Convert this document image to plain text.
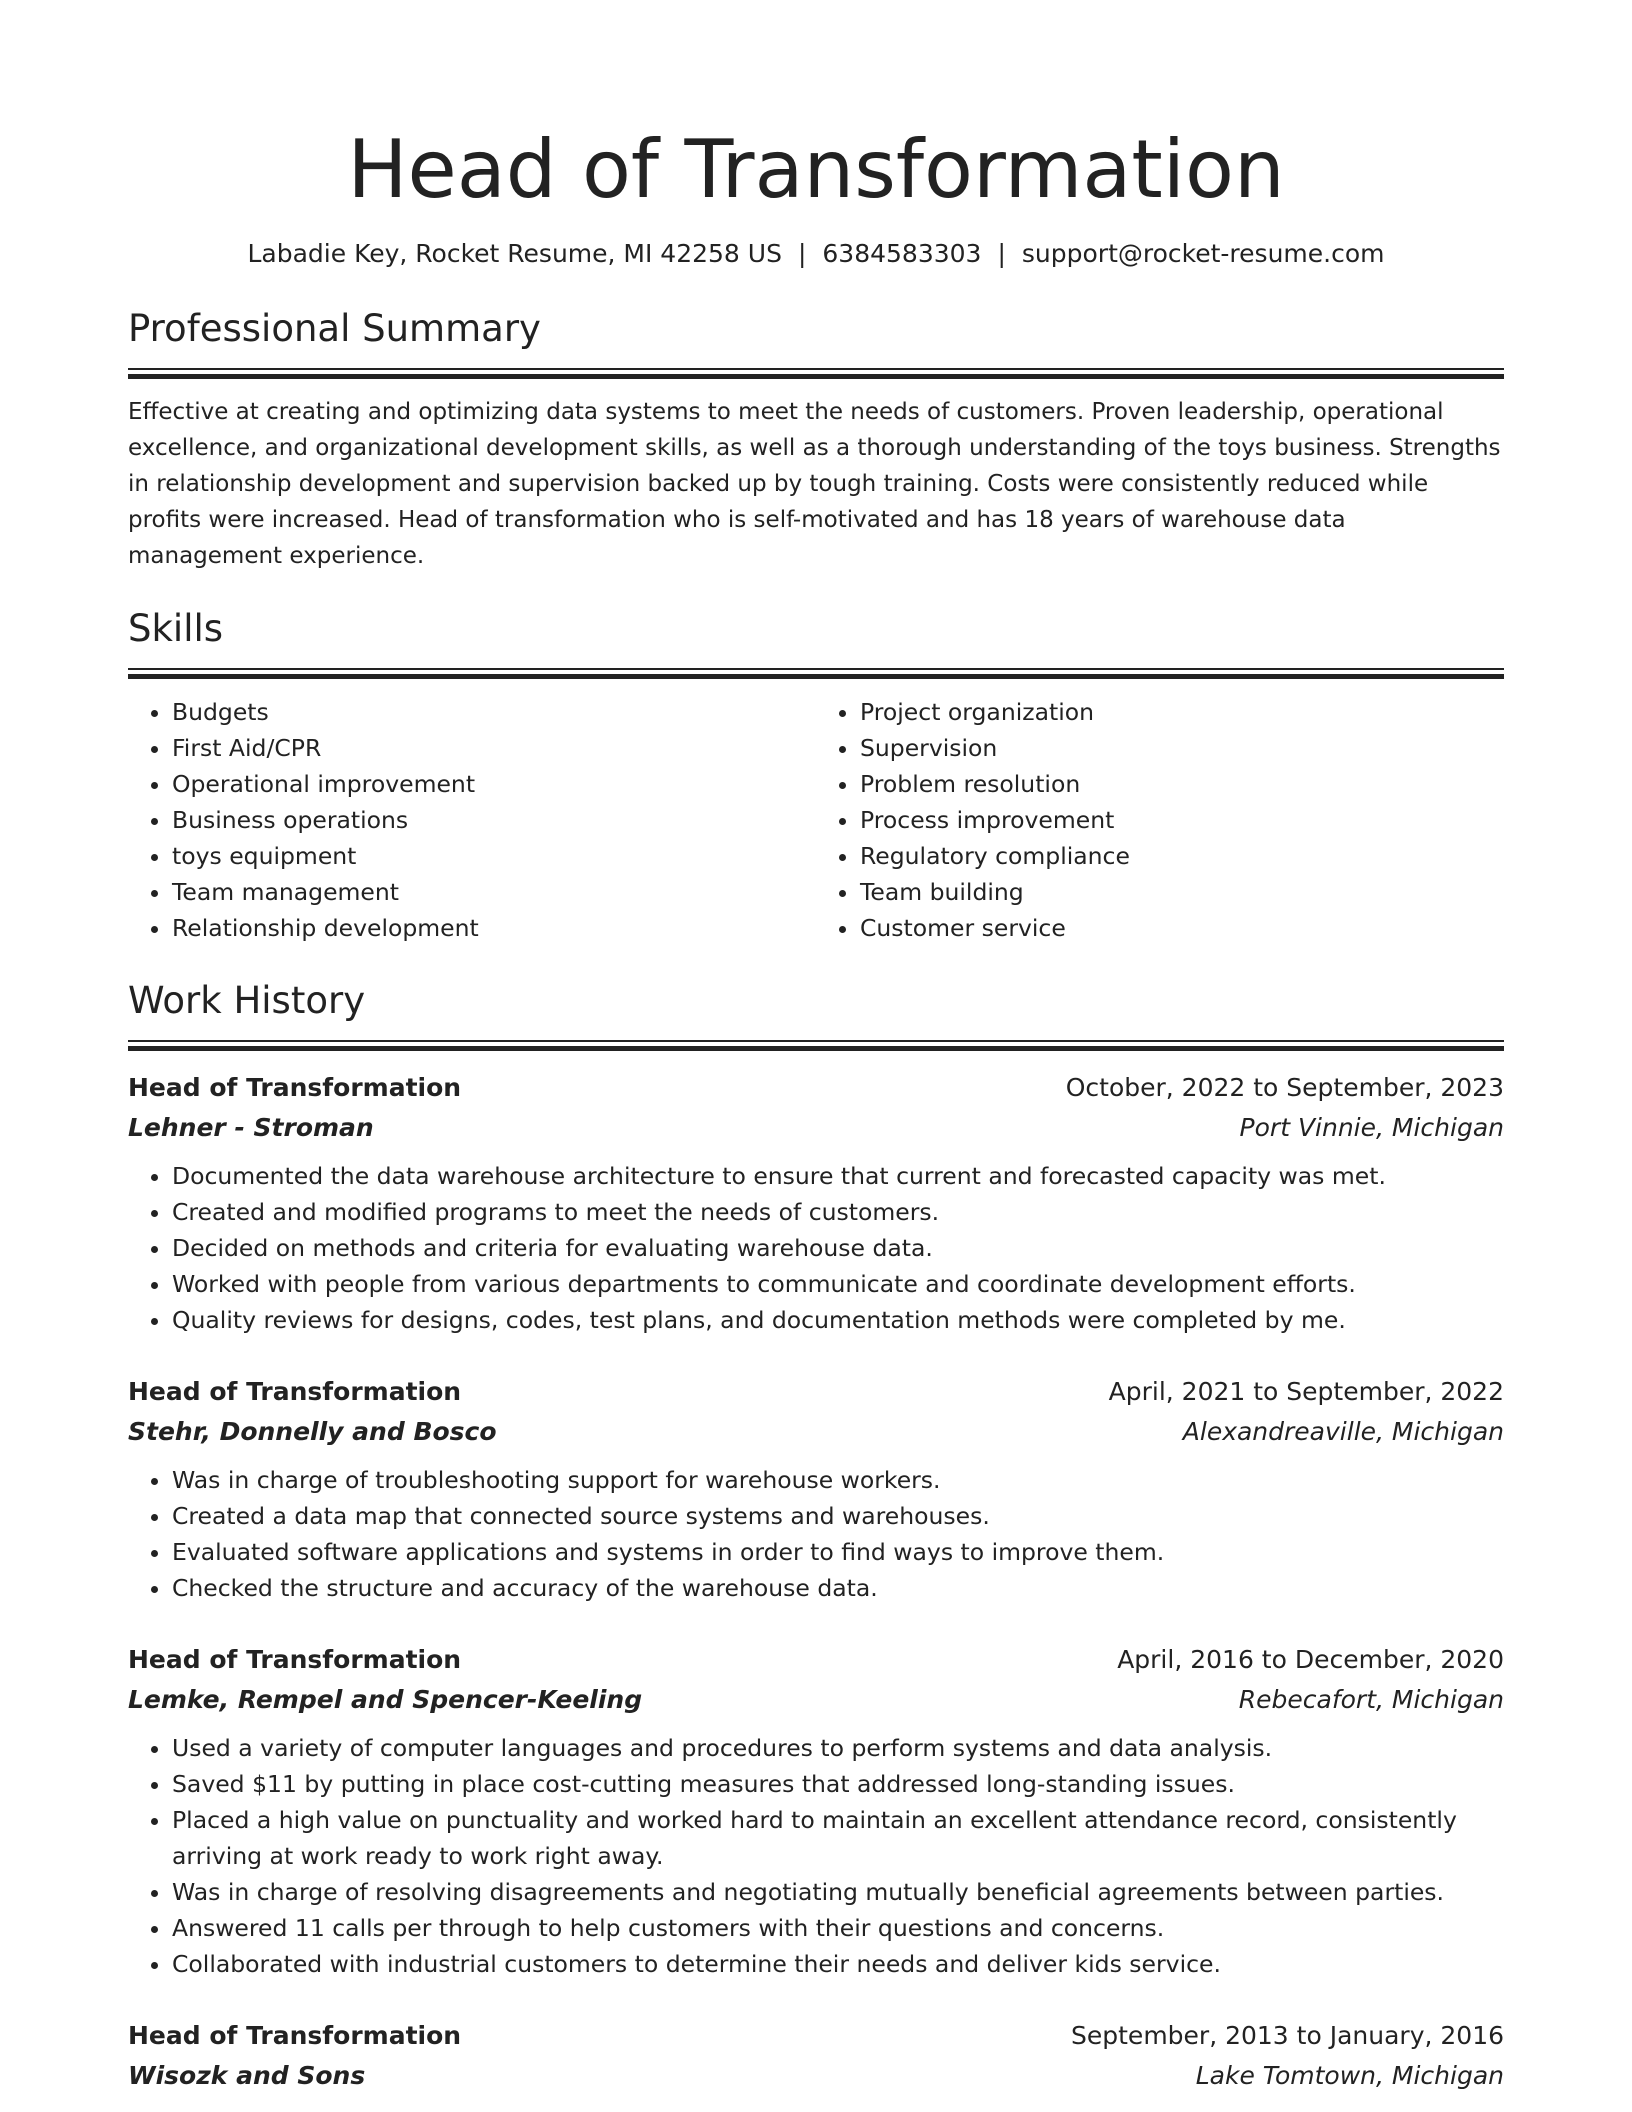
Head of Transformation
Labadie Key, Rocket Resume, MI 42258 US | 6384583303 | support@rocket-resume.com
Professional Summary
Effective at creating and optimizing data systems to meet the needs of customers. Proven leadership, operational excellence, and organizational development skills, as well as a thorough understanding of the toys business. Strengths in relationship development and supervision backed up by tough training. Costs were consistently reduced while profits were increased. Head of transformation who is self-motivated and has 18 years of warehouse data management experience.
Skills
• Budgets
• First Aid/CPR
• Operational improvement
• Business operations
• toys equipment
• Team management
• Relationship development
• Project organization
• Supervision
• Problem resolution
• Process improvement
• Regulatory compliance
• Team building
• Customer service
Work History
Head of Transformation	October, 2022 to September, 2023
Lehner - Stroman	Port Vinnie, Michigan
• Documented the data warehouse architecture to ensure that current and forecasted capacity was met.
• Created and modified programs to meet the needs of customers.
• Decided on methods and criteria for evaluating warehouse data.
• Worked with people from various departments to communicate and coordinate development efforts.
• Quality reviews for designs, codes, test plans, and documentation methods were completed by me.
Head of Transformation	April, 2021 to September, 2022
Stehr, Donnelly and Bosco	Alexandreaville, Michigan
• Was in charge of troubleshooting support for warehouse workers.
• Created a data map that connected source systems and warehouses.
• Evaluated software applications and systems in order to find ways to improve them.
• Checked the structure and accuracy of the warehouse data.
Head of Transformation	April, 2016 to December, 2020
Lemke, Rempel and Spencer-Keeling	Rebecafort, Michigan
• Used a variety of computer languages and procedures to perform systems and data analysis.
• Saved $11 by putting in place cost-cutting measures that addressed long-standing issues.
• Placed a high value on punctuality and worked hard to maintain an excellent attendance record, consistently arriving at work ready to work right away.
• Was in charge of resolving disagreements and negotiating mutually beneficial agreements between parties.
• Answered 11 calls per through to help customers with their questions and concerns.
• Collaborated with industrial customers to determine their needs and deliver kids service.
Head of Transformation	September, 2013 to January, 2016
Wisozk and Sons	Lake Tomtown, Michigan
